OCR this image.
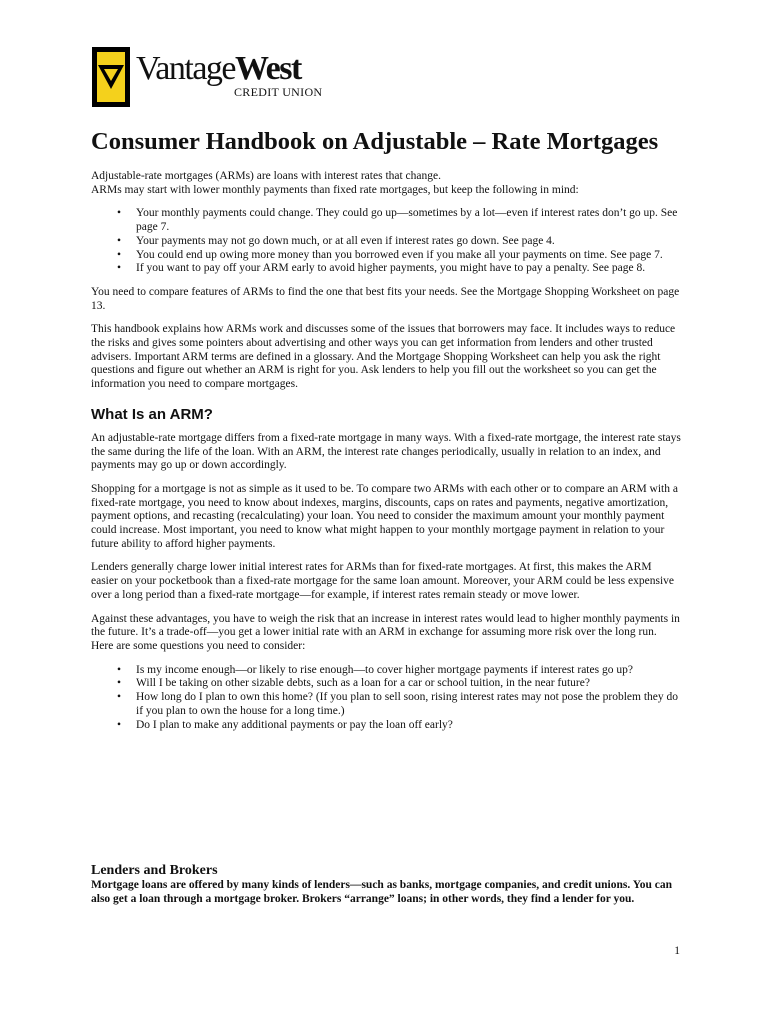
VantageWest
CREDIT UNION
Consumer Handbook on Adjustable – Rate Mortgages

Adjustable-rate mortgages (ARMs) are loans with interest rates that change.
ARMs may start with lower monthly payments than fixed rate mortgages, but keep the following in mind:

• Your monthly payments could change. They could go up—sometimes by a lot—even if interest rates don’t go up. See page 7.
• Your payments may not go down much, or at all even if interest rates go down. See page 4.
• You could end up owing more money than you borrowed even if you make all your payments on time. See page 7.
• If you want to pay off your ARM early to avoid higher payments, you might have to pay a penalty. See page 8.

You need to compare features of ARMs to find the one that best fits your needs. See the Mortgage Shopping Worksheet on page 13.

This handbook explains how ARMs work and discusses some of the issues that borrowers may face. It includes ways to reduce the risks and gives some pointers about advertising and other ways you can get information from lenders and other trusted advisers. Important ARM terms are defined in a glossary. And the Mortgage Shopping Worksheet can help you ask the right questions and figure out whether an ARM is right for you. Ask lenders to help you fill out the worksheet so you can get the information you need to compare mortgages.

What Is an ARM?

An adjustable-rate mortgage differs from a fixed-rate mortgage in many ways. With a fixed-rate mortgage, the interest rate stays the same during the life of the loan. With an ARM, the interest rate changes periodically, usually in relation to an index, and payments may go up or down accordingly.

Shopping for a mortgage is not as simple as it used to be. To compare two ARMs with each other or to compare an ARM with a fixed-rate mortgage, you need to know about indexes, margins, discounts, caps on rates and payments, negative amortization, payment options, and recasting (recalculating) your loan. You need to consider the maximum amount your monthly payment could increase. Most important, you need to know what might happen to your monthly mortgage payment in relation to your future ability to afford higher payments.

Lenders generally charge lower initial interest rates for ARMs than for fixed-rate mortgages. At first, this makes the ARM easier on your pocketbook than a fixed-rate mortgage for the same loan amount. Moreover, your ARM could be less expensive over a long period than a fixed-rate mortgage—for example, if interest rates remain steady or move lower.

Against these advantages, you have to weigh the risk that an increase in interest rates would lead to higher monthly payments in the future. It’s a trade-off—you get a lower initial rate with an ARM in exchange for assuming more risk over the long run. Here are some questions you need to consider:

• Is my income enough—or likely to rise enough—to cover higher mortgage payments if interest rates go up?
• Will I be taking on other sizable debts, such as a loan for a car or school tuition, in the near future?
• How long do I plan to own this home? (If you plan to sell soon, rising interest rates may not pose the problem they do if you plan to own the house for a long time.)
• Do I plan to make any additional payments or pay the loan off early?
Lenders and Brokers

Mortgage loans are offered by many kinds of lenders—such as banks, mortgage companies, and credit unions. You can also get a loan through a mortgage broker. Brokers “arrange” loans; in other words, they find a lender for you.

1
